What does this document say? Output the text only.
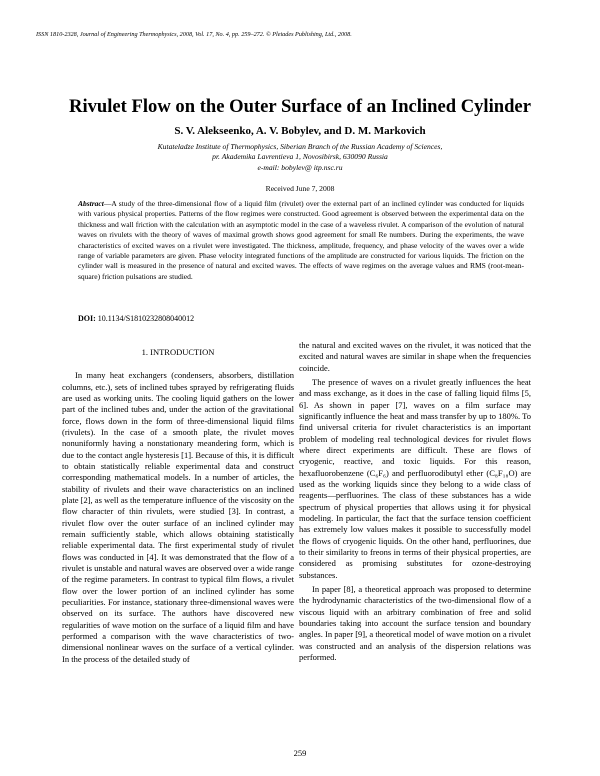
ISSN 1810-2328, Journal of Engineering Thermophysics, 2008, Vol. 17, No. 4, pp. 259–272. © Pleiades Publishing, Ltd., 2008.
Rivulet Flow on the Outer Surface of an Inclined Cylinder
S. V. Alekseenko, A. V. Bobylev, and D. M. Markovich
Kutateladze Institute of Thermophysics, Siberian Branch of the Russian Academy of Sciences,
pr. Akademika Lavrentieva 1, Novosibirsk, 630090 Russia
e-mail: bobylev@ itp.nsc.ru
Received June 7, 2008
Abstract—A study of the three-dimensional flow of a liquid film (rivulet) over the external part of an inclined cylinder was conducted for liquids with various physical properties. Patterns of the flow regimes were constructed. Good agreement is observed between the experimental data on the thickness and wall friction with the calculation with an asymptotic model in the case of a waveless rivulet. A comparison of the evolution of natural waves on rivulets with the theory of waves of maximal growth shows good agreement for small Re numbers. During the experiments, the wave characteristics of excited waves on a rivulet were investigated. The thickness, amplitude, frequency, and phase velocity of the waves over a wide range of variable parameters are given. Phase velocity integrated functions of the amplitude are constructed for various liquids. The friction on the cylinder wall is measured in the presence of natural and excited waves. The effects of wave regimes on the average values and RMS (root-mean-square) friction pulsations are studied.
DOI: 10.1134/S1810232808040012
1. INTRODUCTION

In many heat exchangers (condensers, absorbers, distillation columns, etc.), sets of inclined tubes sprayed by refrigerating fluids are used as working units. The cooling liquid gathers on the lower part of the inclined tubes and, under the action of the gravitational force, flows down in the form of three-dimensional liquid films (rivulets). In the case of a smooth plate, the rivulet moves nonuniformly having a nonstationary meandering form, which is due to the contact angle hysteresis [1]. Because of this, it is difficult to obtain statistically reliable experimental data and construct corresponding mathematical models. In a number of articles, the stability of rivulets and their wave characteristics on an inclined plate [2], as well as the temperature influence of the viscosity on the flow character of thin rivulets, were studied [3]. In contrast, a rivulet flow over the outer surface of an inclined cylinder may remain sufficiently stable, which allows obtaining statistically reliable experimental data. The first experimental study of rivulet flows was conducted in [4]. It was demonstrated that the flow of a rivulet is unstable and natural waves are observed over a wide range of the regime parameters. In contrast to typical film flows, a rivulet flow over the lower portion of an inclined cylinder has some peculiarities. For instance, stationary three-dimensional waves were observed on its surface. The authors have discovered new regularities of wave motion on the surface of a liquid film and have performed a comparison with the wave characteristics of two-dimensional nonlinear waves on the surface of a vertical cylinder. In the process of the detailed study of

the natural and excited waves on the rivulet, it was noticed that the excited and natural waves are similar in shape when the frequencies coincide.

The presence of waves on a rivulet greatly influences the heat and mass exchange, as it does in the case of falling liquid films [5, 6]. As shown in paper [7], waves on a film surface may significantly influence the heat and mass transfer by up to 180%. To find universal criteria for rivulet characteristics is an important problem of modeling real technological devices for rivulet flows where direct experiments are difficult. These are flows of cryogenic, reactive, and toxic liquids. For this reason, hexafluorobenzene (C₆F₆) and perfluorodibutyl ether (C₈F₁₈O) are used as the working liquids since they belong to a wide class of reagents—perfluorines. The class of these substances has a wide spectrum of physical properties that allows using it for physical modeling. In particular, the fact that the surface tension coefficient has extremely low values makes it possible to successfully model the flows of cryogenic liquids. On the other hand, perfluorines, due to their similarity to freons in terms of their physical properties, are considered as promising substitutes for ozone-destroying substances.

In paper [8], a theoretical approach was proposed to determine the hydrodynamic characteristics of the two-dimensional flow of a viscous liquid with an arbitrary combination of free and solid boundaries taking into account the surface tension and boundary angles. In paper [9], a theoretical model of wave motion on a rivulet was constructed and an analysis of the dispersion relations was performed.

259
